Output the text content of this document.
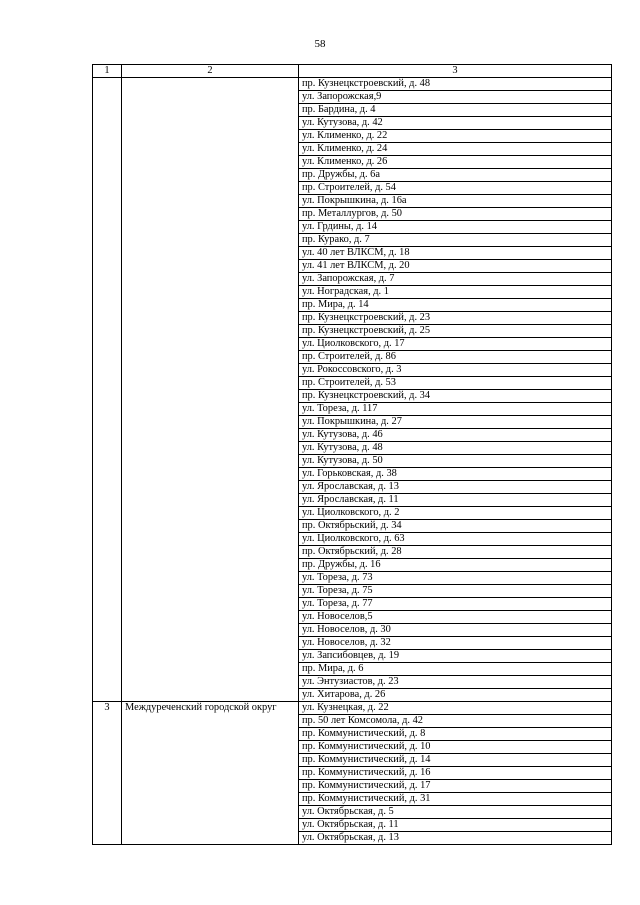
58
1	2	3
		пр. Кузнецкстроевский, д. 48
		ул. Запорожская,9
		пр. Бардина, д. 4
		ул. Кутузова, д. 42
		ул. Клименко, д. 22
		ул. Клименко, д. 24
		ул. Клименко, д. 26
		пр. Дружбы, д. 6а
		пр. Строителей, д. 54
		ул. Покрышкина, д. 16а
		пр. Металлургов, д. 50
		ул. Грдины, д. 14
		пр. Курако, д. 7
		ул. 40 лет ВЛКСМ, д. 18
		ул. 41 лет ВЛКСМ, д. 20
		ул. Запорожская, д. 7
		ул. Ноградская, д. 1
		пр. Мира, д. 14
		пр. Кузнецкстроевский, д. 23
		пр. Кузнецкстроевский, д. 25
		ул. Циолковского, д. 17
		пр. Строителей, д. 86
		ул. Рокоссовского, д. 3
		пр. Строителей, д. 53
		пр. Кузнецкстроевский, д. 34
		ул. Тореза, д. 117
		ул. Покрышкина, д. 27
		ул. Кутузова, д. 46
		ул. Кутузова, д. 48
		ул. Кутузова, д. 50
		ул. Горьковская, д. 38
		ул. Ярославская, д. 13
		ул. Ярославская, д. 11
		ул. Циолковского, д. 2
		пр. Октябрьский, д. 34
		ул. Циолковского, д. 63
		пр. Октябрьский, д. 28
		пр. Дружбы, д. 16
		ул. Тореза, д. 73
		ул. Тореза, д. 75
		ул. Тореза, д. 77
		ул. Новоселов,5
		ул. Новоселов, д. 30
		ул. Новоселов, д. 32
		ул. Запсибовцев, д. 19
		пр. Мира, д. 6
		ул. Энтузиастов, д. 23
		ул. Хитарова, д. 26
3	Междуреченский городской округ	ул. Кузнецкая, д. 22
		пр. 50 лет Комсомола, д. 42
		пр. Коммунистический, д. 8
		пр. Коммунистический, д. 10
		пр. Коммунистический, д. 14
		пр. Коммунистический, д. 16
		пр. Коммунистический, д. 17
		пр. Коммунистический, д. 31
		ул. Октябрьская, д. 5
		ул. Октябрьская, д. 11
		ул. Октябрьская, д. 13
